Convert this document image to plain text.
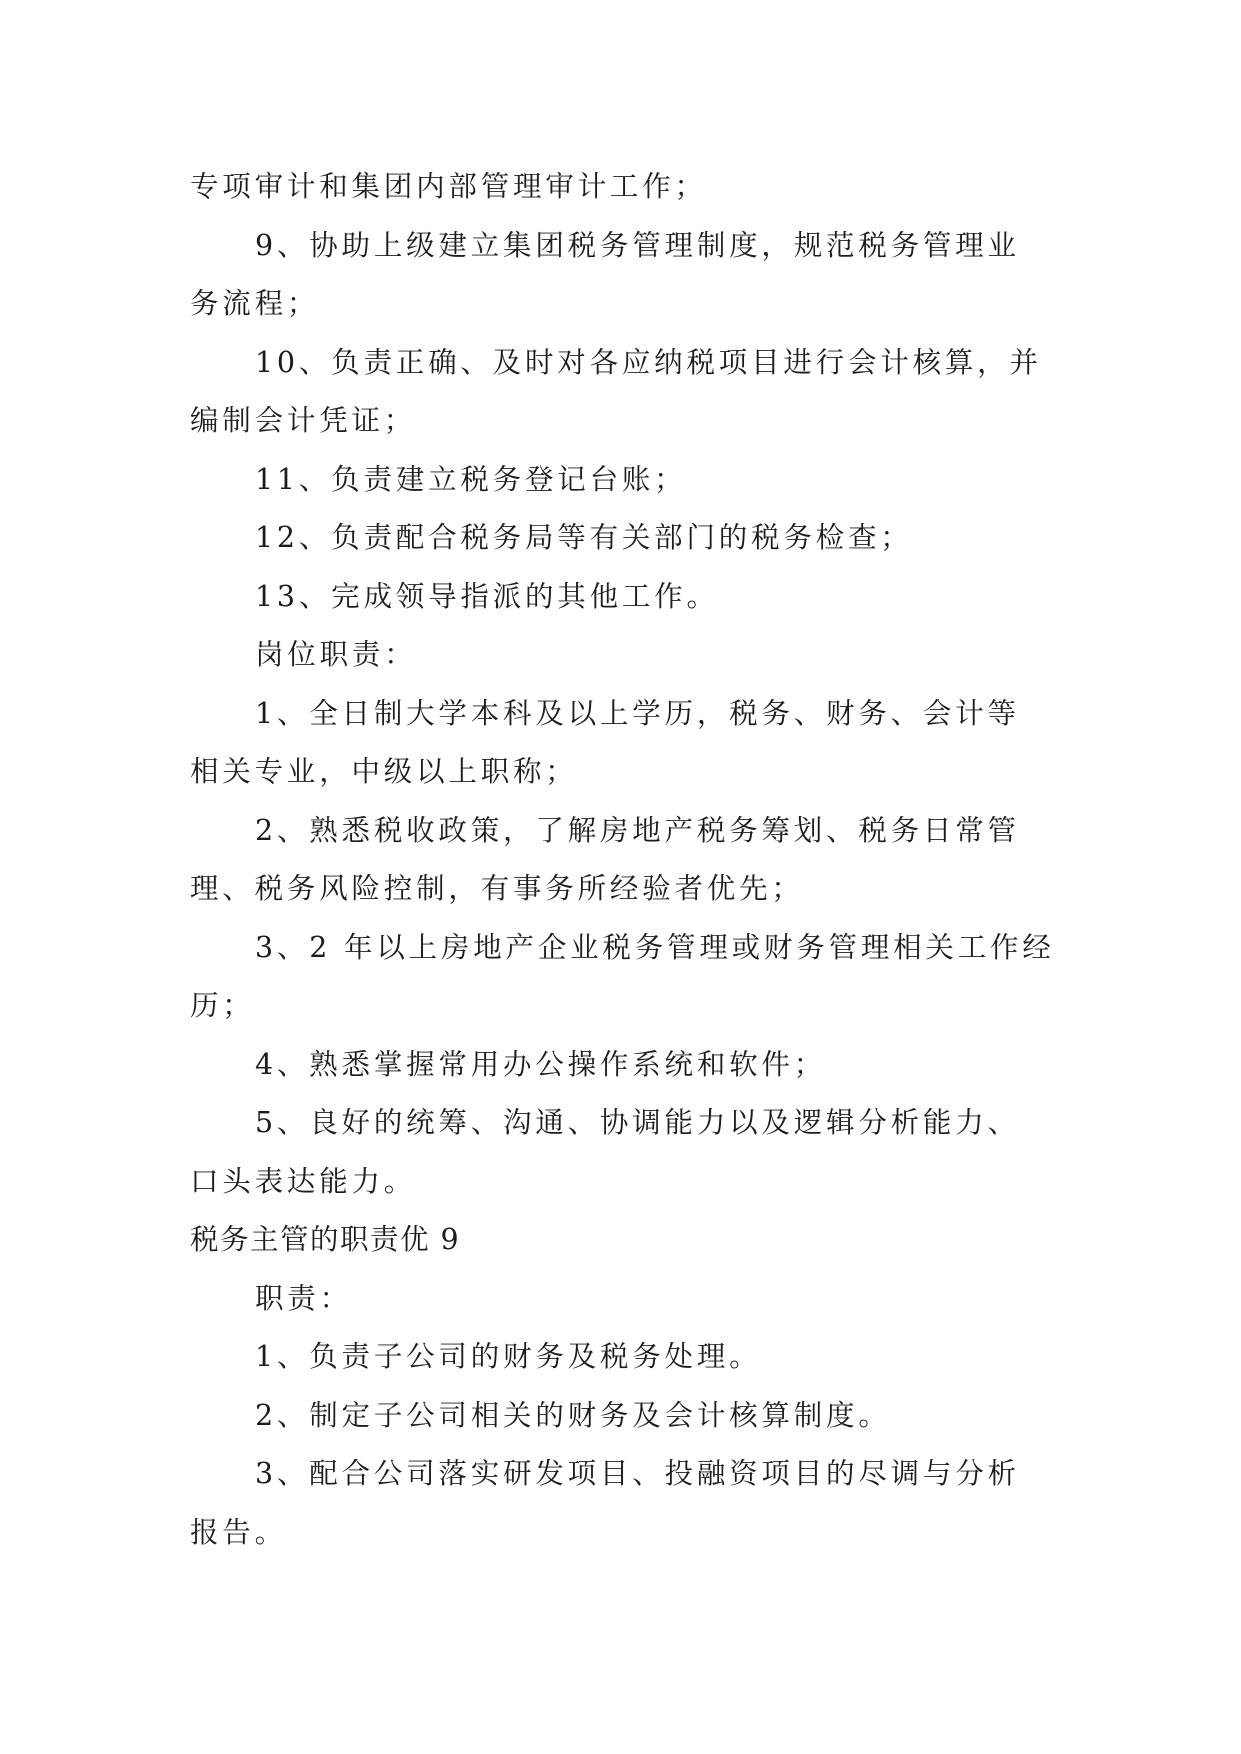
专项审计和集团内部管理审计工作；
9、协助上级建立集团税务管理制度，规范税务管理业
务流程；
10、负责正确、及时对各应纳税项目进行会计核算，并
编制会计凭证；
11、负责建立税务登记台账；
12、负责配合税务局等有关部门的税务检查；
13、完成领导指派的其他工作。
岗位职责：
1、全日制大学本科及以上学历，税务、财务、会计等
相关专业，中级以上职称；
2、熟悉税收政策，了解房地产税务筹划、税务日常管
理、税务风险控制，有事务所经验者优先；
3、2 年以上房地产企业税务管理或财务管理相关工作经
历；
4、熟悉掌握常用办公操作系统和软件；
5、良好的统筹、沟通、协调能力以及逻辑分析能力、
口头表达能力。
税务主管的职责优 9
职责：
1、负责子公司的财务及税务处理。
2、制定子公司相关的财务及会计核算制度。
3、配合公司落实研发项目、投融资项目的尽调与分析
报告。
